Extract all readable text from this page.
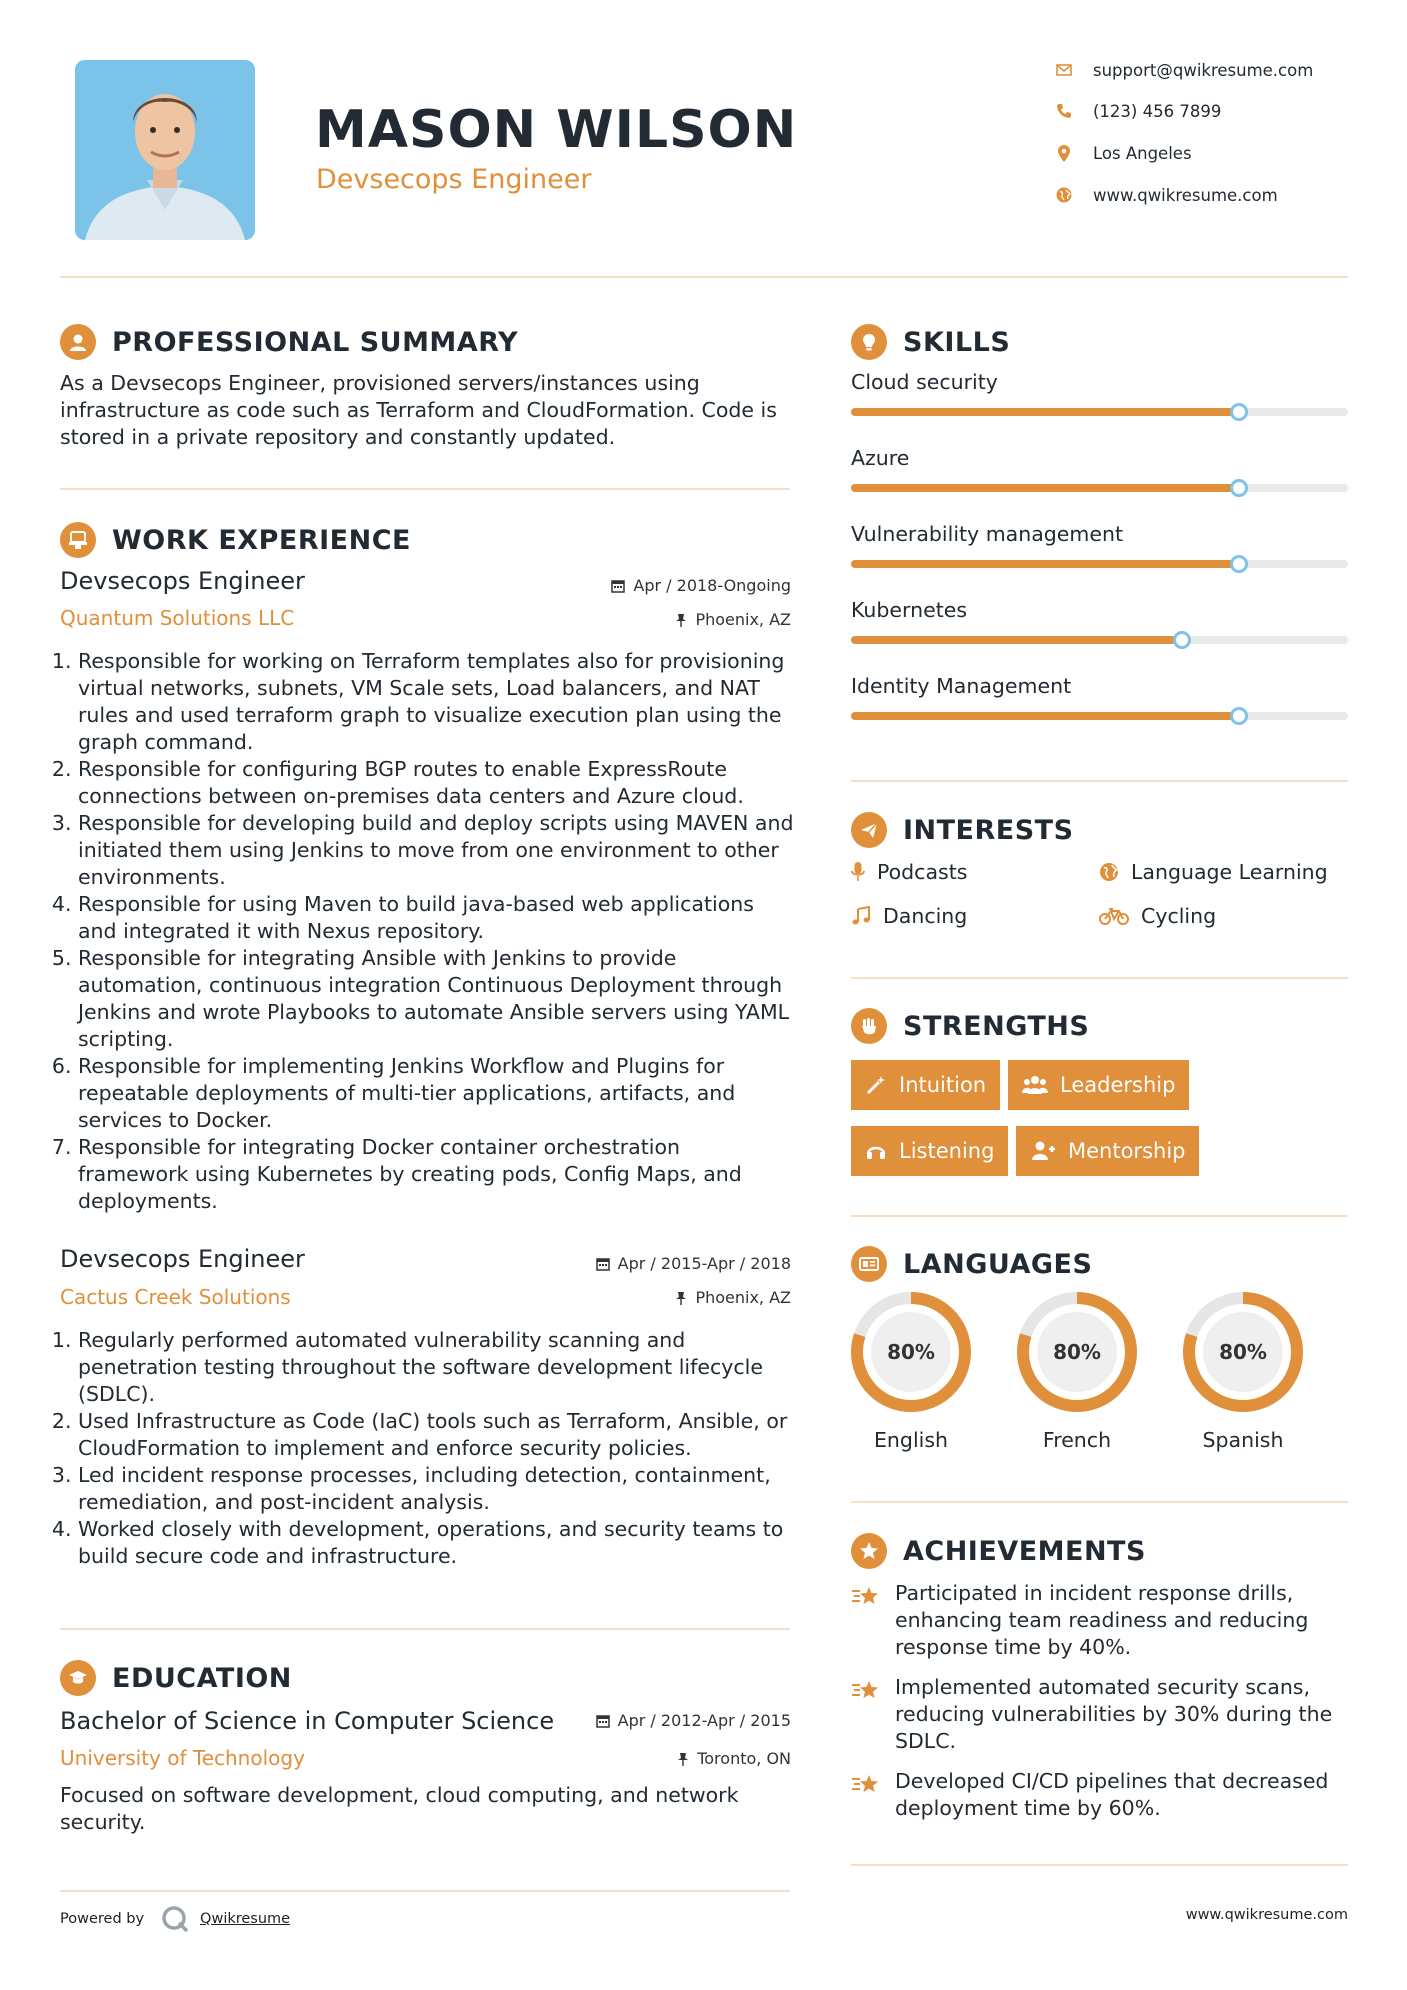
MASON WILSON
Devsecops Engineer
support@qwikresume.com
(123) 456 7899
Los Angeles
www.qwikresume.com
PROFESSIONAL SUMMARY
As a Devsecops Engineer, provisioned servers/instances using infrastructure as code such as Terraform and CloudFormation. Code is stored in a private repository and constantly updated.
WORK EXPERIENCE
Devsecops Engineer
Quantum Solutions LLC
Apr / 2018-Ongoing
Phoenix, AZ
1. Responsible for working on Terraform templates also for provisioning virtual networks, subnets, VM Scale sets, Load balancers, and NAT rules and used terraform graph to visualize execution plan using the graph command.
2. Responsible for configuring BGP routes to enable ExpressRoute connections between on-premises data centers and Azure cloud.
3. Responsible for developing build and deploy scripts using MAVEN and initiated them using Jenkins to move from one environment to other environments.
4. Responsible for using Maven to build java-based web applications and integrated it with Nexus repository.
5. Responsible for integrating Ansible with Jenkins to provide automation, continuous integration Continuous Deployment through Jenkins and wrote Playbooks to automate Ansible servers using YAML scripting.
6. Responsible for implementing Jenkins Workflow and Plugins for repeatable deployments of multi-tier applications, artifacts, and services to Docker.
7. Responsible for integrating Docker container orchestration framework using Kubernetes by creating pods, Config Maps, and deployments.
Devsecops Engineer
Cactus Creek Solutions
Apr / 2015-Apr / 2018
Phoenix, AZ
1. Regularly performed automated vulnerability scanning and penetration testing throughout the software development lifecycle (SDLC).
2. Used Infrastructure as Code (IaC) tools such as Terraform, Ansible, or CloudFormation to implement and enforce security policies.
3. Led incident response processes, including detection, containment, remediation, and post-incident analysis.
4. Worked closely with development, operations, and security teams to build secure code and infrastructure.
EDUCATION
Bachelor of Science in Computer Science
University of Technology
Apr / 2012-Apr / 2015
Toronto, ON
Focused on software development, cloud computing, and network security.
SKILLS
Cloud security
Azure
Vulnerability management
Kubernetes
Identity Management
INTERESTS
Podcasts	Language Learning
Dancing	Cycling
STRENGTHS
Intuition	Leadership
Listening	Mentorship
LANGUAGES
80%
English
80%
French
80%
Spanish
ACHIEVEMENTS
Participated in incident response drills, enhancing team readiness and reducing response time by 40%.
Implemented automated security scans, reducing vulnerabilities by 30% during the SDLC.
Developed CI/CD pipelines that decreased deployment time by 60%.
Powered by	Qwikresume	www.qwikresume.com
